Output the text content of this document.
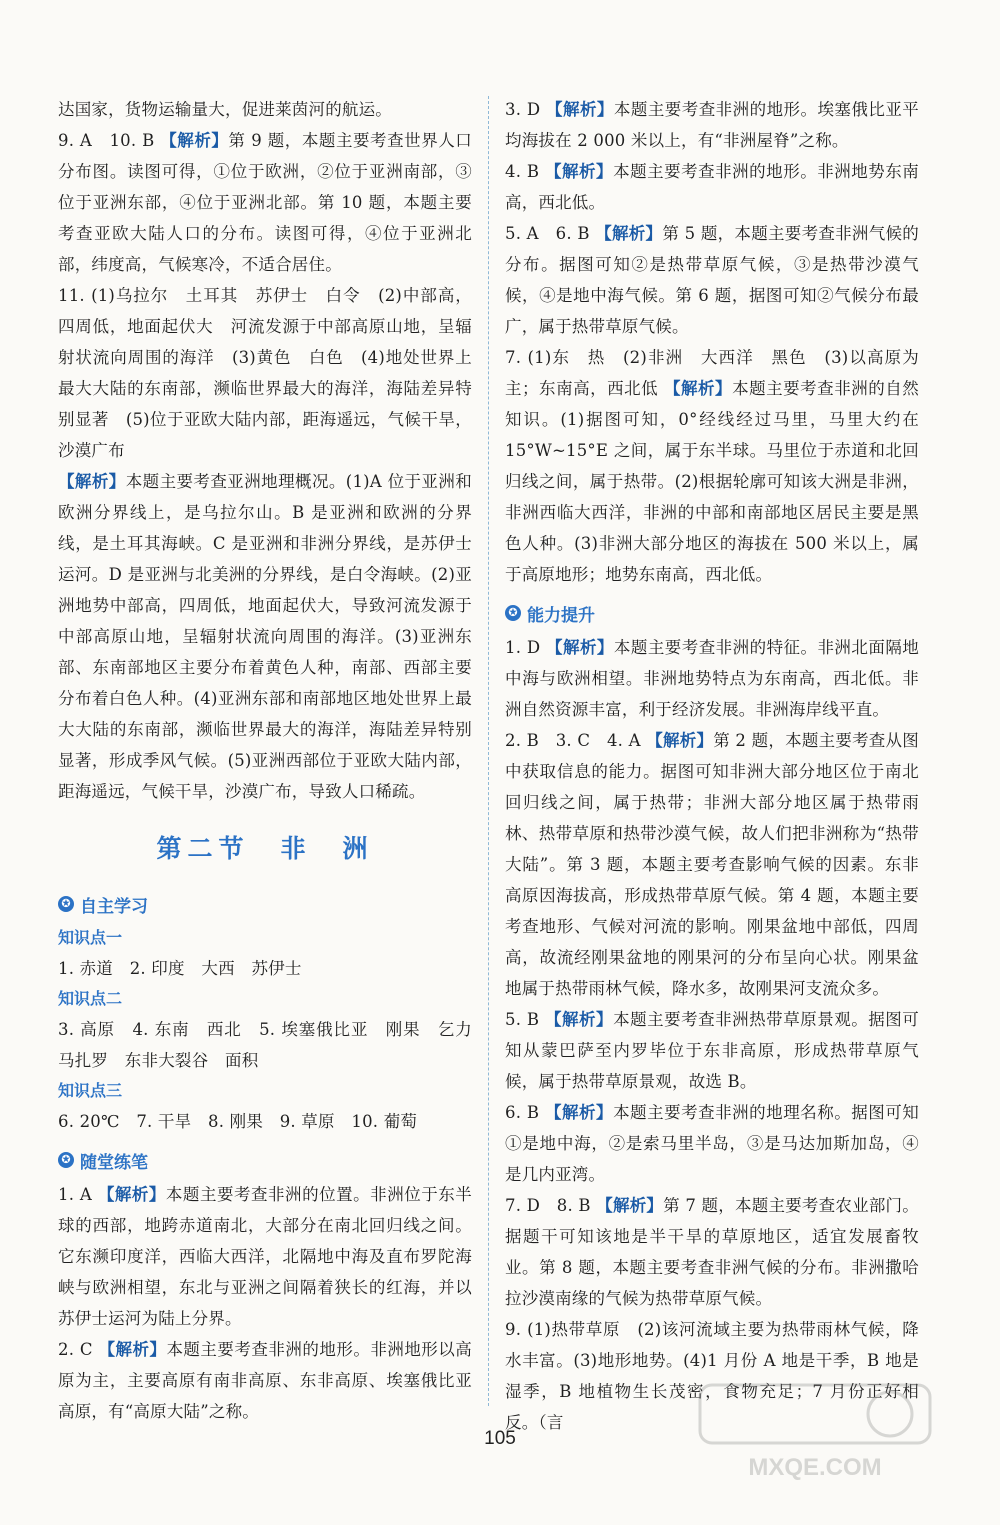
达国家，货物运输量大，促进莱茵河的航运。

9. A　10. B 【解析】第 9 题，本题主要考查世界人口分布图。读图可得，①位于欧洲，②位于亚洲南部，③位于亚洲东部，④位于亚洲北部。第 10 题，本题主要考查亚欧大陆人口的分布。读图可得，④位于亚洲北部，纬度高，气候寒冷，不适合居住。

11. (1)乌拉尔　土耳其　苏伊士　白令　(2)中部高，四周低，地面起伏大　河流发源于中部高原山地，呈辐射状流向周围的海洋　(3)黄色　白色　(4)地处世界上最大大陆的东南部，濒临世界最大的海洋，海陆差异特别显著　(5)位于亚欧大陆内部，距海遥远，气候干旱，沙漠广布

【解析】本题主要考查亚洲地理概况。(1)A 位于亚洲和欧洲分界线上，是乌拉尔山。B 是亚洲和欧洲的分界线，是土耳其海峡。C 是亚洲和非洲分界线，是苏伊士运河。D 是亚洲与北美洲的分界线，是白令海峡。(2)亚洲地势中部高，四周低，地面起伏大，导致河流发源于中部高原山地，呈辐射状流向周围的海洋。(3)亚洲东部、东南部地区主要分布着黄色人种，南部、西部主要分布着白色人种。(4)亚洲东部和南部地区地处世界上最大大陆的东南部，濒临世界最大的海洋，海陆差异特别显著，形成季风气候。(5)亚洲西部位于亚欧大陆内部，距海遥远，气候干旱，沙漠广布，导致人口稀疏。

第二节　非　洲
✪ 自主学习
知识点一

1. 赤道　2. 印度　大西　苏伊士

知识点二

3. 高原　4. 东南　西北　5. 埃塞俄比亚　刚果　乞力马扎罗　东非大裂谷　面积

知识点三

6. 20℃　7. 干旱　8. 刚果　9. 草原　10. 葡萄

✪ 随堂练笔

1. A 【解析】本题主要考查非洲的位置。非洲位于东半球的西部，地跨赤道南北，大部分在南北回归线之间。它东濒印度洋，西临大西洋，北隔地中海及直布罗陀海峡与欧洲相望，东北与亚洲之间隔着狭长的红海，并以苏伊士运河为陆上分界。

2. C 【解析】本题主要考查非洲的地形。非洲地形以高原为主，主要高原有南非高原、东非高原、埃塞俄比亚高原，有“高原大陆”之称。

3. D 【解析】本题主要考查非洲的地形。埃塞俄比亚平均海拔在 2 000 米以上，有“非洲屋脊”之称。

4. B 【解析】本题主要考查非洲的地形。非洲地势东南高，西北低。

5. A　6. B 【解析】第 5 题，本题主要考查非洲气候的分布。据图可知②是热带草原气候，③是热带沙漠气候，④是地中海气候。第 6 题，据图可知②气候分布最广，属于热带草原气候。

7. (1)东　热　(2)非洲　大西洋　黑色　(3)以高原为主；东南高，西北低 【解析】本题主要考查非洲的自然知识。(1)据图可知，0°经线经过马里，马里大约在 15°W~15°E 之间，属于东半球。马里位于赤道和北回归线之间，属于热带。(2)根据轮廓可知该大洲是非洲，非洲西临大西洋，非洲的中部和南部地区居民主要是黑色人种。(3)非洲大部分地区的海拔在 500 米以上，属于高原地形；地势东南高，西北低。

✪ 能力提升

1. D 【解析】本题主要考查非洲的特征。非洲北面隔地中海与欧洲相望。非洲地势特点为东南高，西北低。非洲自然资源丰富，利于经济发展。非洲海岸线平直。

2. B　3. C　4. A 【解析】第 2 题，本题主要考查从图中获取信息的能力。据图可知非洲大部分地区位于南北回归线之间，属于热带；非洲大部分地区属于热带雨林、热带草原和热带沙漠气候，故人们把非洲称为“热带大陆”。第 3 题，本题主要考查影响气候的因素。东非高原因海拔高，形成热带草原气候。第 4 题，本题主要考查地形、气候对河流的影响。刚果盆地中部低，四周高，故流经刚果盆地的刚果河的分布呈向心状。刚果盆地属于热带雨林气候，降水多，故刚果河支流众多。

5. B 【解析】本题主要考查非洲热带草原景观。据图可知从蒙巴萨至内罗毕位于东非高原，形成热带草原气候，属于热带草原景观，故选 B。

6. B 【解析】本题主要考查非洲的地理名称。据图可知①是地中海，②是索马里半岛，③是马达加斯加岛，④是几内亚湾。

7. D　8. B 【解析】第 7 题，本题主要考查农业部门。据题干可知该地是半干旱的草原地区，适宜发展畜牧业。第 8 题，本题主要考查非洲气候的分布。非洲撒哈拉沙漠南缘的气候为热带草原气候。

9. (1)热带草原　(2)该河流域主要为热带雨林气候，降水丰富。(3)地形地势。(4)1 月份 A 地是干季，B 地是湿季，B 地植物生长茂密，食物充足；7 月份正好相反。（言

105
MXQE.COM
